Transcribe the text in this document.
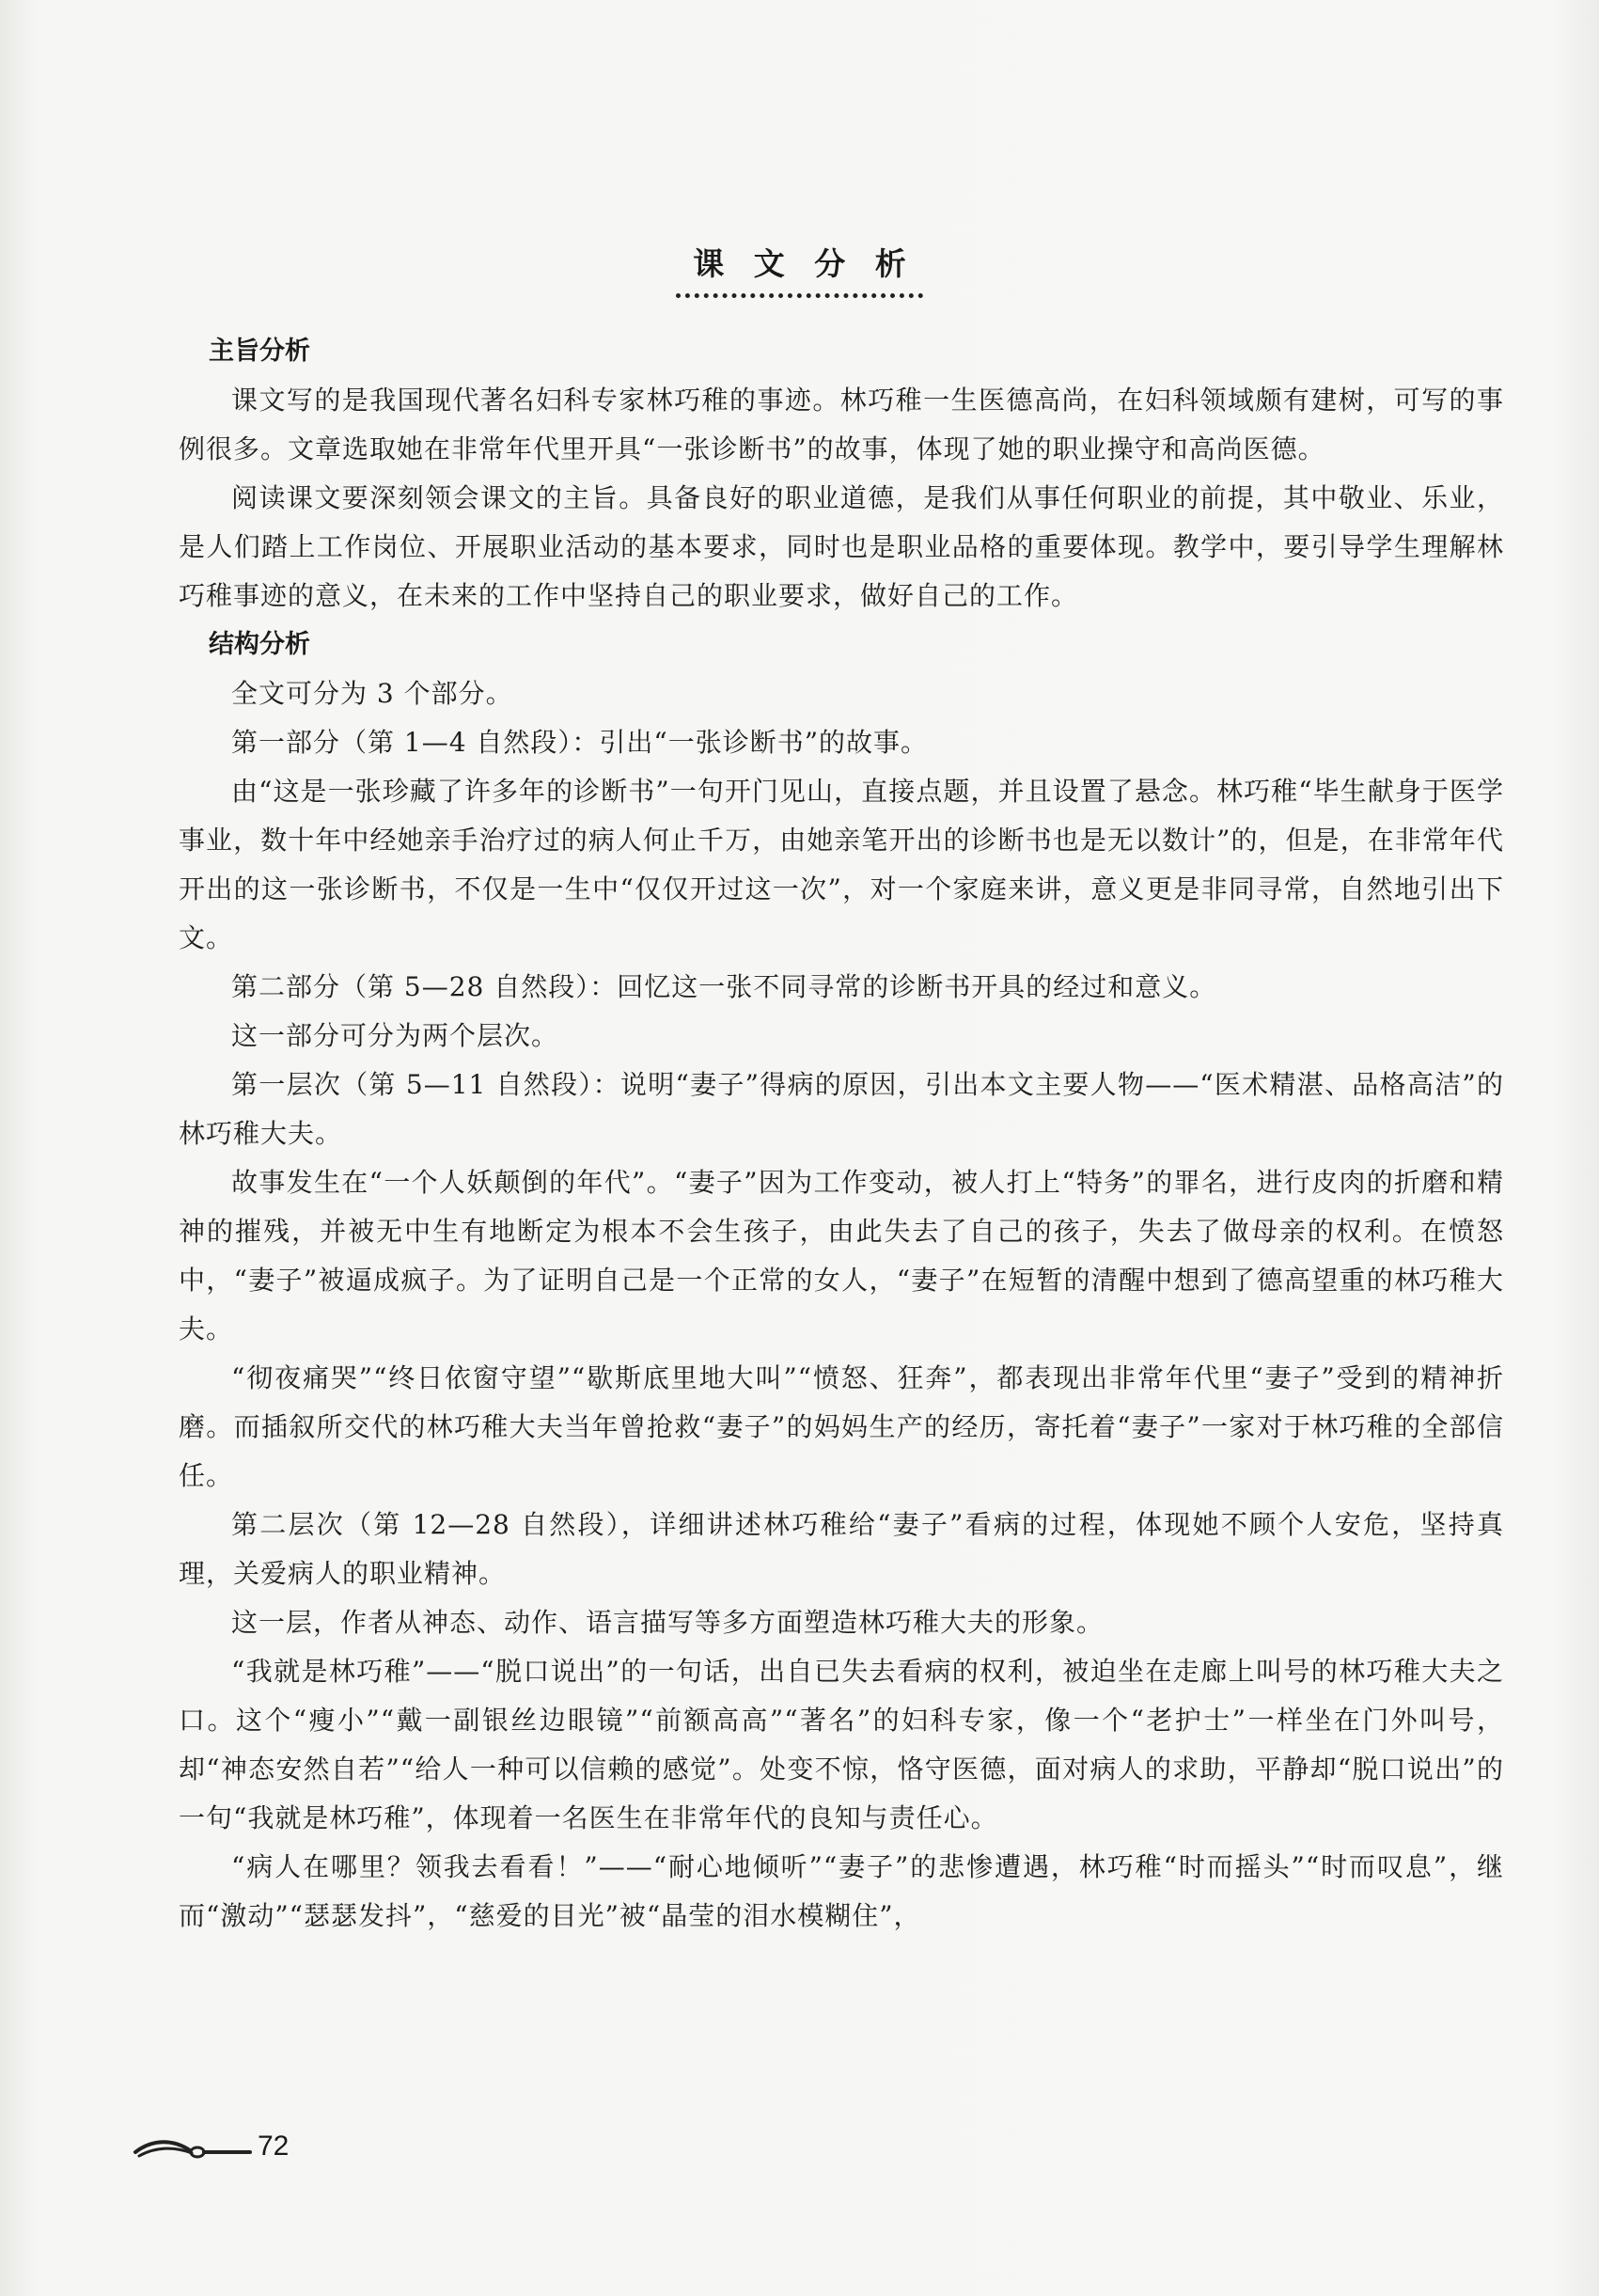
课 文 分 析
主旨分析

课文写的是我国现代著名妇科专家林巧稚的事迹。林巧稚一生医德高尚，在妇科领域颇有建树，可写的事例很多。文章选取她在非常年代里开具“一张诊断书”的故事，体现了她的职业操守和高尚医德。

阅读课文要深刻领会课文的主旨。具备良好的职业道德，是我们从事任何职业的前提，其中敬业、乐业，是人们踏上工作岗位、开展职业活动的基本要求，同时也是职业品格的重要体现。教学中，要引导学生理解林巧稚事迹的意义，在未来的工作中坚持自己的职业要求，做好自己的工作。

结构分析

全文可分为 3 个部分。

第一部分（第 1—4 自然段）：引出“一张诊断书”的故事。

由“这是一张珍藏了许多年的诊断书”一句开门见山，直接点题，并且设置了悬念。林巧稚“毕生献身于医学事业，数十年中经她亲手治疗过的病人何止千万，由她亲笔开出的诊断书也是无以数计”的，但是，在非常年代开出的这一张诊断书，不仅是一生中“仅仅开过这一次”，对一个家庭来讲，意义更是非同寻常，自然地引出下文。

第二部分（第 5—28 自然段）：回忆这一张不同寻常的诊断书开具的经过和意义。

这一部分可分为两个层次。

第一层次（第 5—11 自然段）：说明“妻子”得病的原因，引出本文主要人物——“医术精湛、品格高洁”的林巧稚大夫。

故事发生在“一个人妖颠倒的年代”。“妻子”因为工作变动，被人打上“特务”的罪名，进行皮肉的折磨和精神的摧残，并被无中生有地断定为根本不会生孩子，由此失去了自己的孩子，失去了做母亲的权利。在愤怒中，“妻子”被逼成疯子。为了证明自己是一个正常的女人，“妻子”在短暂的清醒中想到了德高望重的林巧稚大夫。

“彻夜痛哭”“终日依窗守望”“歇斯底里地大叫”“愤怒、狂奔”，都表现出非常年代里“妻子”受到的精神折磨。而插叙所交代的林巧稚大夫当年曾抢救“妻子”的妈妈生产的经历，寄托着“妻子”一家对于林巧稚的全部信任。

第二层次（第 12—28 自然段），详细讲述林巧稚给“妻子”看病的过程，体现她不顾个人安危，坚持真理，关爱病人的职业精神。

这一层，作者从神态、动作、语言描写等多方面塑造林巧稚大夫的形象。

“我就是林巧稚”——“脱口说出”的一句话，出自已失去看病的权利，被迫坐在走廊上叫号的林巧稚大夫之口。这个“瘦小”“戴一副银丝边眼镜”“前额高高”“著名”的妇科专家，像一个“老护士”一样坐在门外叫号，却“神态安然自若”“给人一种可以信赖的感觉”。处变不惊，恪守医德，面对病人的求助，平静却“脱口说出”的一句“我就是林巧稚”，体现着一名医生在非常年代的良知与责任心。

“病人在哪里？领我去看看！”——“耐心地倾听”“妻子”的悲惨遭遇，林巧稚“时而摇头”“时而叹息”，继而“激动”“瑟瑟发抖”，“慈爱的目光”被“晶莹的泪水模糊住”，

72
